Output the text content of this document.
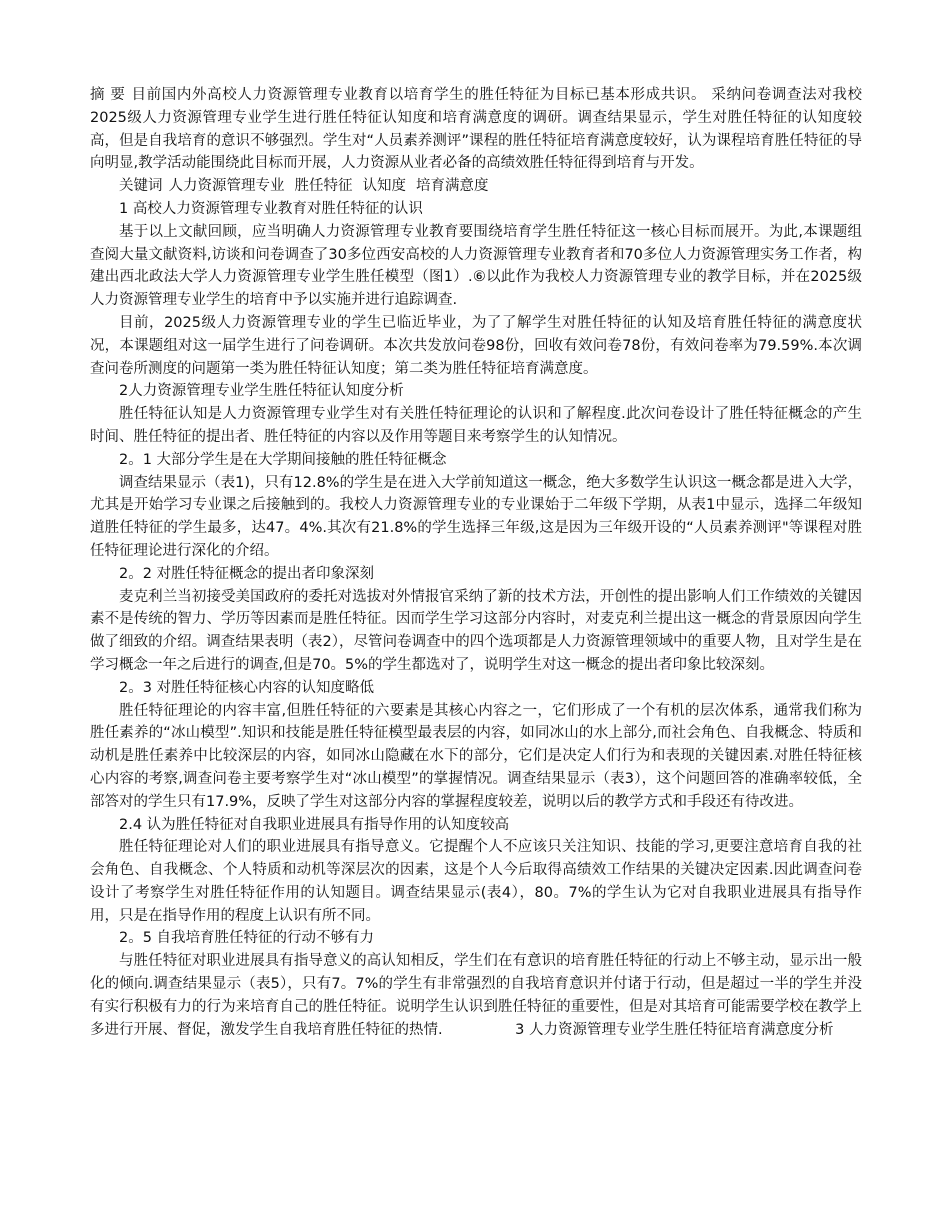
摘 要 目前国内外高校人力资源管理专业教育以培育学生的胜任特征为目标已基本形成共识。 采纳问卷调查法对我校2025级人力资源管理专业学生进行胜任特征认知度和培育满意度的调研。调查结果显示，学生对胜任特征的认知度较高，但是自我培育的意识不够强烈。学生对“人员素养测评”课程的胜任特征培育满意度较好，认为课程培育胜任特征的导向明显,教学活动能围绕此目标而开展，人力资源从业者必备的高绩效胜任特征得到培育与开发。

关键词 人力资源管理专业 胜任特征 认知度 培育满意度

1 高校人力资源管理专业教育对胜任特征的认识

基于以上文献回顾，应当明确人力资源管理专业教育要围绕培育学生胜任特征这一核心目标而展开。为此,本课题组查阅大量文献资料,访谈和问卷调查了30多位西安高校的人力资源管理专业教育者和70多位人力资源管理实务工作者，构建出西北政法大学人力资源管理专业学生胜任模型（图1）.⑥以此作为我校人力资源管理专业的教学目标，并在2025级人力资源管理专业学生的培育中予以实施并进行追踪调查.

目前，2025级人力资源管理专业的学生已临近毕业，为了了解学生对胜任特征的认知及培育胜任特征的满意度状况，本课题组对这一届学生进行了问卷调研。本次共发放问卷98份，回收有效问卷78份，有效问卷率为79.59%.本次调查问卷所测度的问题第一类为胜任特征认知度；第二类为胜任特征培育满意度。

2人力资源管理专业学生胜任特征认知度分析

胜任特征认知是人力资源管理专业学生对有关胜任特征理论的认识和了解程度.此次问卷设计了胜任特征概念的产生时间、胜任特征的提出者、胜任特征的内容以及作用等题目来考察学生的认知情况。

2。1 大部分学生是在大学期间接触的胜任特征概念

调查结果显示（表1)，只有12.8%的学生是在进入大学前知道这一概念，绝大多数学生认识这一概念都是进入大学，尤其是开始学习专业课之后接触到的。我校人力资源管理专业的专业课始于二年级下学期，从表1中显示，选择二年级知道胜任特征的学生最多，达47。4%.其次有21.8%的学生选择三年级,这是因为三年级开设的“人员素养测评"等课程对胜任特征理论进行深化的介绍。

2。2 对胜任特征概念的提出者印象深刻

麦克利兰当初接受美国政府的委托对选拔对外情报官采纳了新的技术方法，开创性的提出影响人们工作绩效的关键因素不是传统的智力、学历等因素而是胜任特征。因而学生学习这部分内容时，对麦克利兰提出这一概念的背景原因向学生做了细致的介绍。调查结果表明（表2），尽管问卷调查中的四个选项都是人力资源管理领域中的重要人物，且对学生是在学习概念一年之后进行的调查,但是70。5%的学生都选对了，说明学生对这一概念的提出者印象比较深刻。

2。3 对胜任特征核心内容的认知度略低

胜任特征理论的内容丰富,但胜任特征的六要素是其核心内容之一，它们形成了一个有机的层次体系，通常我们称为胜任素养的“冰山模型”.知识和技能是胜任特征模型最表层的内容，如同冰山的水上部分,而社会角色、自我概念、特质和动机是胜任素养中比较深层的内容，如同冰山隐藏在水下的部分，它们是决定人们行为和表现的关键因素.对胜任特征核心内容的考察,调查问卷主要考察学生对“冰山模型”的掌握情况。调查结果显示（表3），这个问题回答的准确率较低，全部答对的学生只有17.9%，反映了学生对这部分内容的掌握程度较差，说明以后的教学方式和手段还有待改进。

2.4 认为胜任特征对自我职业进展具有指导作用的认知度较高

胜任特征理论对人们的职业进展具有指导意义。它提醒个人不应该只关注知识、技能的学习,更要注意培育自我的社会角色、自我概念、个人特质和动机等深层次的因素，这是个人今后取得高绩效工作结果的关键决定因素.因此调查问卷设计了考察学生对胜任特征作用的认知题目。调查结果显示(表4），80。7%的学生认为它对自我职业进展具有指导作用，只是在指导作用的程度上认识有所不同。

2。5 自我培育胜任特征的行动不够有力

与胜任特征对职业进展具有指导意义的高认知相反，学生们在有意识的培育胜任特征的行动上不够主动，显示出一般化的倾向.调查结果显示（表5），只有7。7%的学生有非常强烈的自我培育意识并付诸于行动，但是超过一半的学生并没有实行积极有力的行为来培育自己的胜任特征。说明学生认识到胜任特征的重要性，但是对其培育可能需要学校在教学上多进行开展、督促，激发学生自我培育胜任特征的热情.     	3 人力资源管理专业学生胜任特征培育满意度分析
